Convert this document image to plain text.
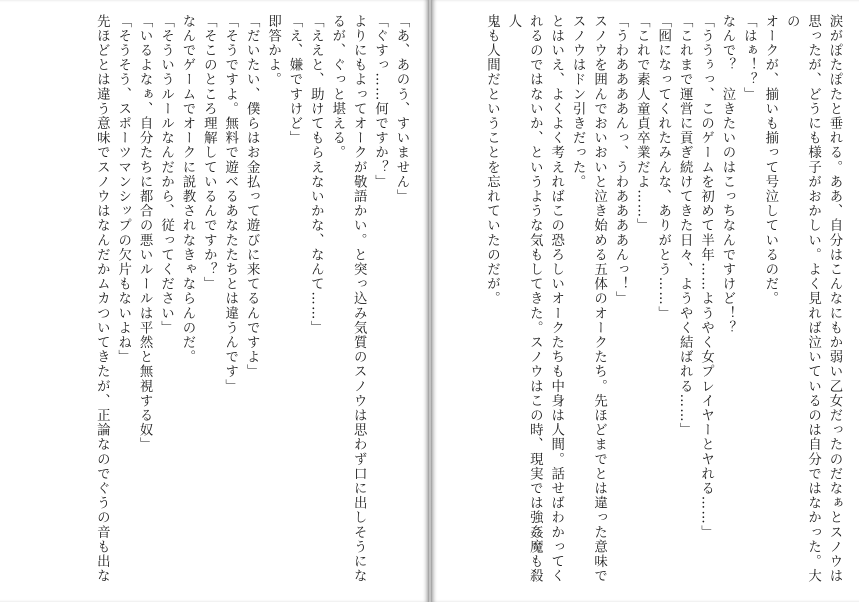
「あ、あのう、すいません」
「ぐすっ……何ですか？」
よりにもよってオークが敬語かい。と突っ込み気質のスノウは思わず口に出しそうにな
るが、ぐっと堪える。
「ええと、助けてもらえないかな、なんて……」
「え、嫌ですけど」
即答かよ。
「だいたい、僕らはお金払って遊びに来てるんですよ」
「そうですよ。無料で遊べるあなたたちとは違うんです」
「そこのところ理解しているんですか？」
なんでゲームでオークに説教されなきゃならんのだ。
「そういうルールなんだから、従ってください」
「いるよなぁ、自分たちに都合の悪いルールは平然と無視する奴」
「そうそう、スポーツマンシップの欠片もないよね」
先ほどとは違う意味でスノウはなんだかムカついてきたが、正論なのでぐうの音も出な	涙がぽたぽたと垂れる。ああ、自分はこんなにもか弱い乙女だったのだなぁとスノウは
思ったが、どうにも様子がおかしい。よく見れば泣いているのは自分ではなかった。大の
オークが、揃いも揃って号泣しているのだ。
「はぁ！？」
なんで？　泣きたいのはこっちなんですけど！？
「ううぅっ、このゲームを初めて半年……ようやく女プレイヤーとヤれる……」
「これまで運営に貢ぎ続けてきた日々、ようやく結ばれる……」
「囮になってくれたみんな、ありがとう……」
「これで素人童貞卒業だよ……」
「うわああああんっ、うわああああんっ！」
スノウを囲んでおいおいと泣き始める五体のオークたち。先ほどまでとは違った意味で
スノウはドン引きだった。
とはいえ、よくよく考えればこの恐ろしいオークたちも中身は人間。話せばわかってく
れるのではないか、というような気もしてきた。スノウはこの時、現実では強姦魔も殺人
鬼も人間だということを忘れていたのだが。
